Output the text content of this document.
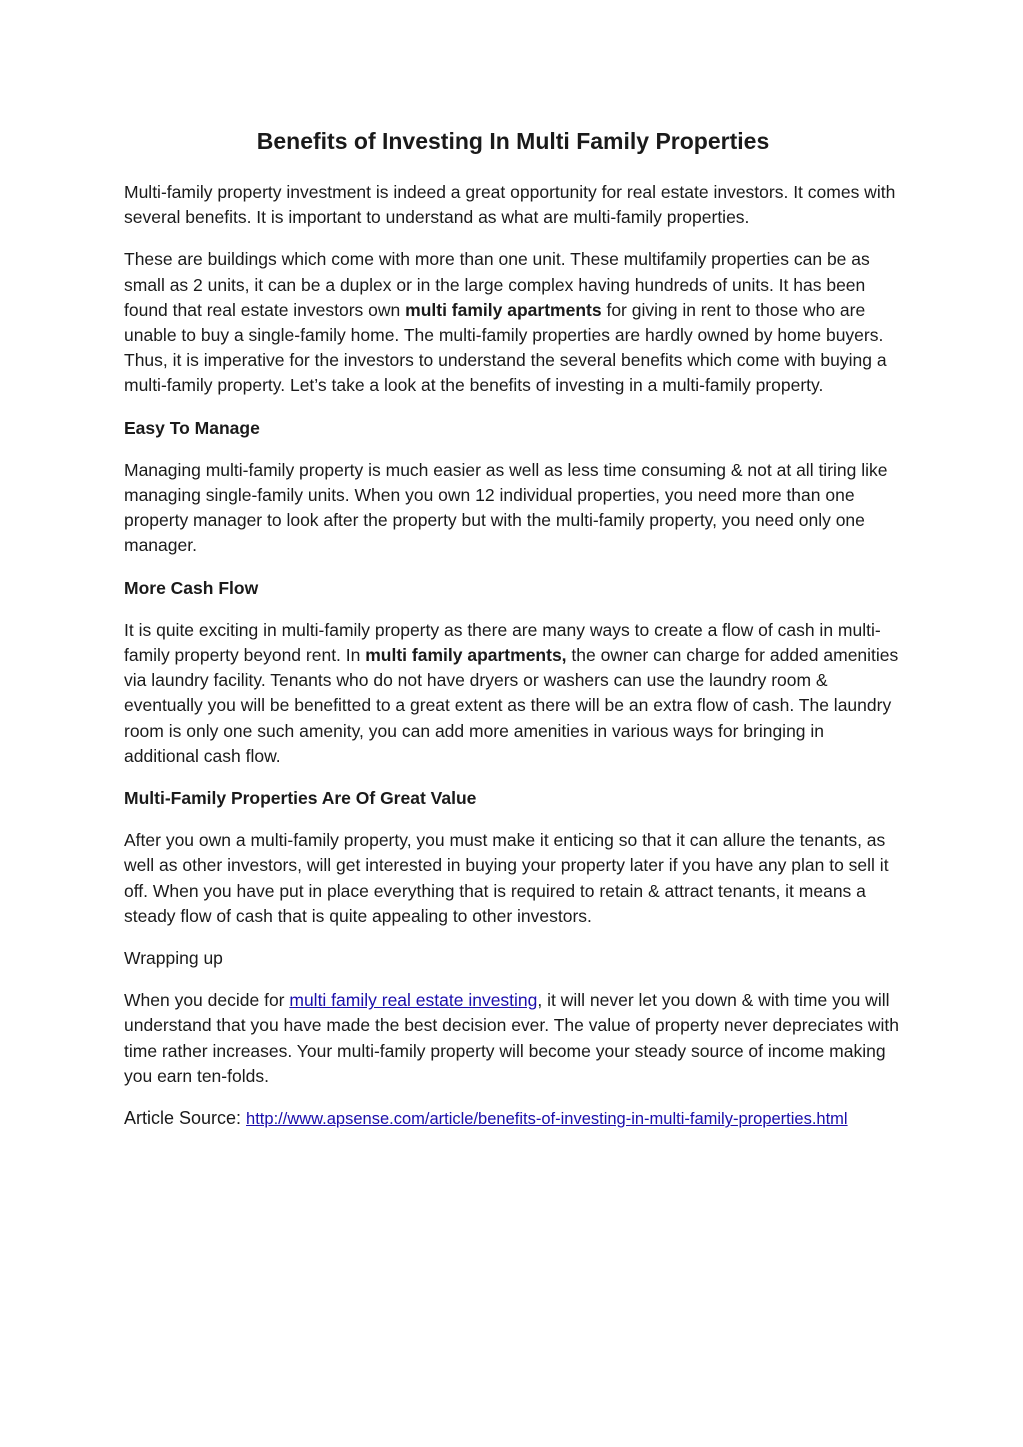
Benefits of Investing In Multi Family Properties

Multi-family property investment is indeed a great opportunity for real estate investors. It comes with several benefits. It is important to understand as what are multi-family properties.

These are buildings which come with more than one unit. These multifamily properties can be as small as 2 units, it can be a duplex or in the large complex having hundreds of units. It has been found that real estate investors own multi family apartments for giving in rent to those who are unable to buy a single-family home. The multi-family properties are hardly owned by home buyers. Thus, it is imperative for the investors to understand the several benefits which come with buying a multi-family property. Let’s take a look at the benefits of investing in a multi-family property.

Easy To Manage

Managing multi-family property is much easier as well as less time consuming & not at all tiring like managing single-family units. When you own 12 individual properties, you need more than one property manager to look after the property but with the multi-family property, you need only one manager.

More Cash Flow

It is quite exciting in multi-family property as there are many ways to create a flow of cash in multi-family property beyond rent. In multi family apartments, the owner can charge for added amenities via laundry facility. Tenants who do not have dryers or washers can use the laundry room & eventually you will be benefitted to a great extent as there will be an extra flow of cash. The laundry room is only one such amenity, you can add more amenities in various ways for bringing in additional cash flow.

Multi-Family Properties Are Of Great Value

After you own a multi-family property, you must make it enticing so that it can allure the tenants, as well as other investors, will get interested in buying your property later if you have any plan to sell it off. When you have put in place everything that is required to retain & attract tenants, it means a steady flow of cash that is quite appealing to other investors.

Wrapping up

When you decide for multi family real estate investing, it will never let you down & with time you will understand that you have made the best decision ever. The value of property never depreciates with time rather increases. Your multi-family property will become your steady source of income making you earn ten-folds.

Article Source: http://www.apsense.com/article/benefits-of-investing-in-multi-family-properties.html
